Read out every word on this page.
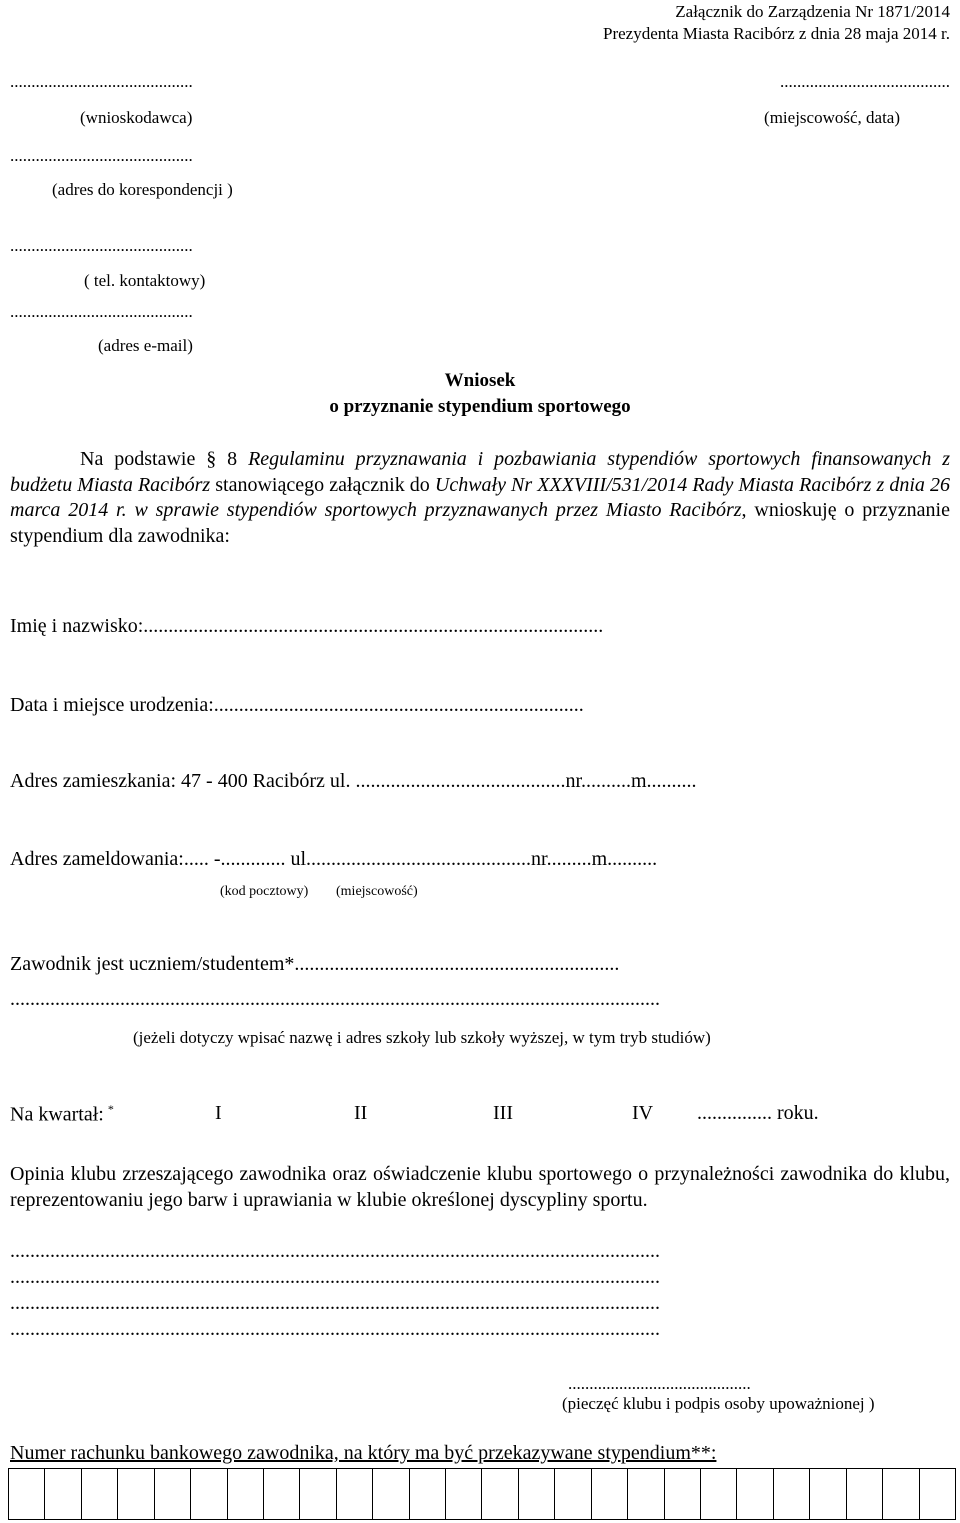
Załącznik do Zarządzenia Nr 1871/2014
Prezydenta Miasta Racibórz z dnia 28 maja 2014 r.
...........................................
(wnioskodawca)
...........................................
(adres do korespondencji )
...........................................
( tel. kontaktowy)
...........................................
(adres e-mail)
........................................
(miejscowość, data)
Wniosek
o przyznanie stypendium sportowego
Na podstawie § 8 Regulaminu przyznawania i pozbawiania stypendiów sportowych finansowanych z budżetu Miasta Racibórz stanowiącego załącznik do Uchwały Nr XXXVIII/531/2014 Rady Miasta Racibórz z dnia 26 marca 2014 r. w sprawie stypendiów sportowych przyznawanych przez Miasto Racibórz, wnioskuję o przyznanie stypendium dla zawodnika:
Imię i nazwisko:............................................................................................
Data i miejsce urodzenia:..........................................................................
Adres zamieszkania: 47 - 400 Racibórz ul. ..........................................nr..........m..........
Adres zameldowania:..... -............. ul.............................................nr.........m..........
(kod pocztowy) (miejscowość)
Zawodnik jest uczniem/studentem*.................................................................
..................................................................................................................................
(jeżeli dotyczy wpisać nazwę i adres szkoły lub szkoły wyższej, w tym tryb studiów)
Na kwartał: *	I	II	III	IV ............... roku.
Opinia klubu zrzeszającego zawodnika oraz oświadczenie klubu sportowego o przynależności zawodnika do klubu, reprezentowaniu jego barw i uprawiania w klubie określonej dyscypliny sportu.
..................................................................................................................................
..................................................................................................................................
..................................................................................................................................
..................................................................................................................................
...........................................
(pieczęć klubu i podpis osoby upoważnionej )
Numer rachunku bankowego zawodnika, na który ma być przekazywane stypendium**:
